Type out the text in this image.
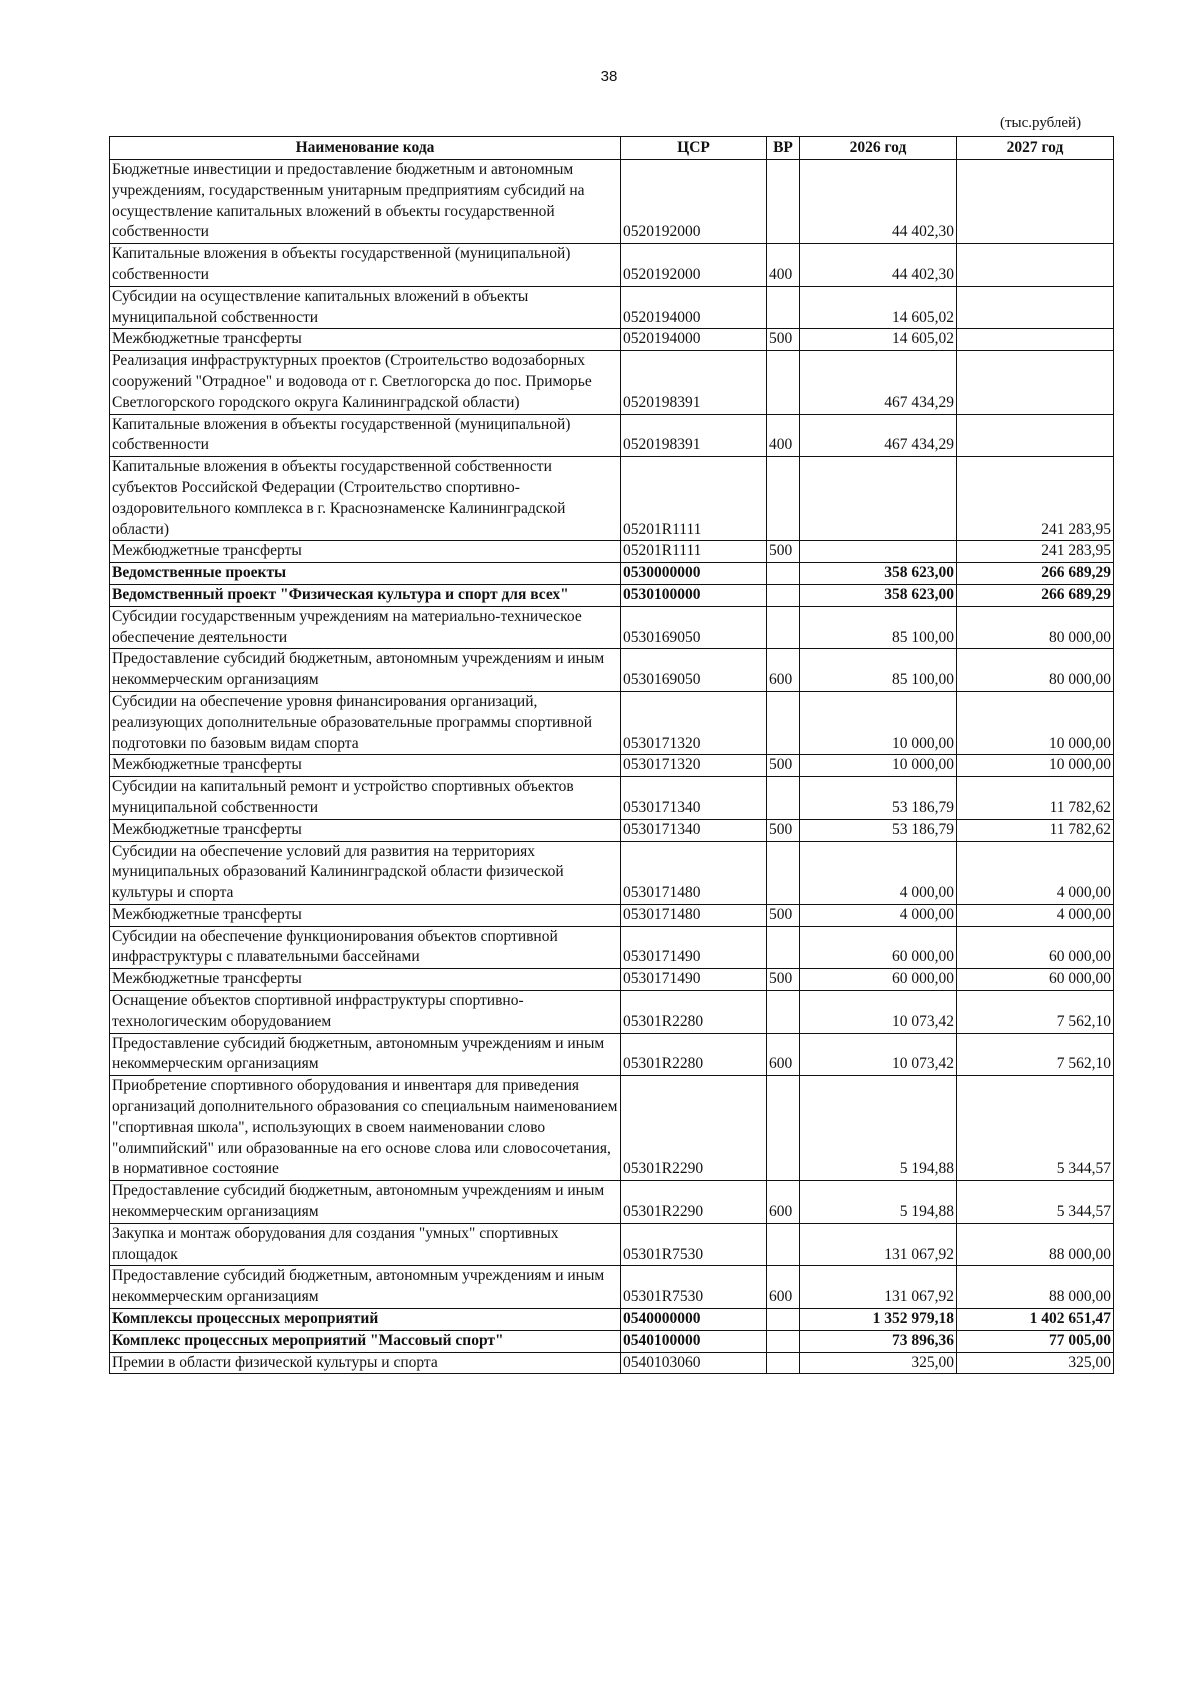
38
(тыс.рублей)
Наименование кода	ЦСР	ВР	2026 год	2027 год
Бюджетные инвестиции и предоставление бюджетным и автономным учреждениям, государственным унитарным предприятиям субсидий на осуществление капитальных вложений в объекты государственной собственности	0520192000		44 402,30	
Капитальные вложения в объекты государственной (муниципальной) собственности	0520192000	400	44 402,30	
Субсидии на осуществление капитальных вложений в объекты муниципальной собственности	0520194000		14 605,02	
Межбюджетные трансферты	0520194000	500	14 605,02	
Реализация инфраструктурных проектов (Строительство водозаборных сооружений "Отрадное" и водовода от г. Светлогорска до пос. Приморье Светлогорского городского округа Калининградской области)	0520198391		467 434,29	
Капитальные вложения в объекты государственной (муниципальной) собственности	0520198391	400	467 434,29	
Капитальные вложения в объекты государственной собственности субъектов Российской Федерации (Строительство спортивно-оздоровительного комплекса в г. Краснознаменске Калининградской области)	05201R1111			241 283,95
Межбюджетные трансферты	05201R1111	500		241 283,95
Ведомственные проекты	0530000000		358 623,00	266 689,29
Ведомственный проект "Физическая культура и спорт для всех"	0530100000		358 623,00	266 689,29
Субсидии государственным учреждениям на материально-техническое обеспечение деятельности	0530169050		85 100,00	80 000,00
Предоставление субсидий бюджетным, автономным учреждениям и иным некоммерческим организациям	0530169050	600	85 100,00	80 000,00
Субсидии на обеспечение уровня финансирования организаций, реализующих дополнительные образовательные программы спортивной подготовки по базовым видам спорта	0530171320		10 000,00	10 000,00
Межбюджетные трансферты	0530171320	500	10 000,00	10 000,00
Субсидии на капитальный ремонт и устройство спортивных объектов муниципальной собственности	0530171340		53 186,79	11 782,62
Межбюджетные трансферты	0530171340	500	53 186,79	11 782,62
Субсидии на обеспечение условий для развития на территориях муниципальных образований Калининградской области физической культуры и спорта	0530171480		4 000,00	4 000,00
Межбюджетные трансферты	0530171480	500	4 000,00	4 000,00
Субсидии на обеспечение функционирования объектов спортивной инфраструктуры с плавательными бассейнами	0530171490		60 000,00	60 000,00
Межбюджетные трансферты	0530171490	500	60 000,00	60 000,00
Оснащение объектов спортивной инфраструктуры спортивно-технологическим оборудованием	05301R2280		10 073,42	7 562,10
Предоставление субсидий бюджетным, автономным учреждениям и иным некоммерческим организациям	05301R2280	600	10 073,42	7 562,10
Приобретение спортивного оборудования и инвентаря для приведения организаций дополнительного образования со специальным наименованием "спортивная школа", использующих в своем наименовании слово "олимпийский" или образованные на его основе слова или словосочетания, в нормативное состояние	05301R2290		5 194,88	5 344,57
Предоставление субсидий бюджетным, автономным учреждениям и иным некоммерческим организациям	05301R2290	600	5 194,88	5 344,57
Закупка и монтаж оборудования для создания "умных" спортивных площадок	05301R7530		131 067,92	88 000,00
Предоставление субсидий бюджетным, автономным учреждениям и иным некоммерческим организациям	05301R7530	600	131 067,92	88 000,00
Комплексы процессных мероприятий	0540000000		1 352 979,18	1 402 651,47
Комплекс процессных мероприятий "Массовый спорт"	0540100000		73 896,36	77 005,00
Премии в области физической культуры и спорта	0540103060		325,00	325,00
